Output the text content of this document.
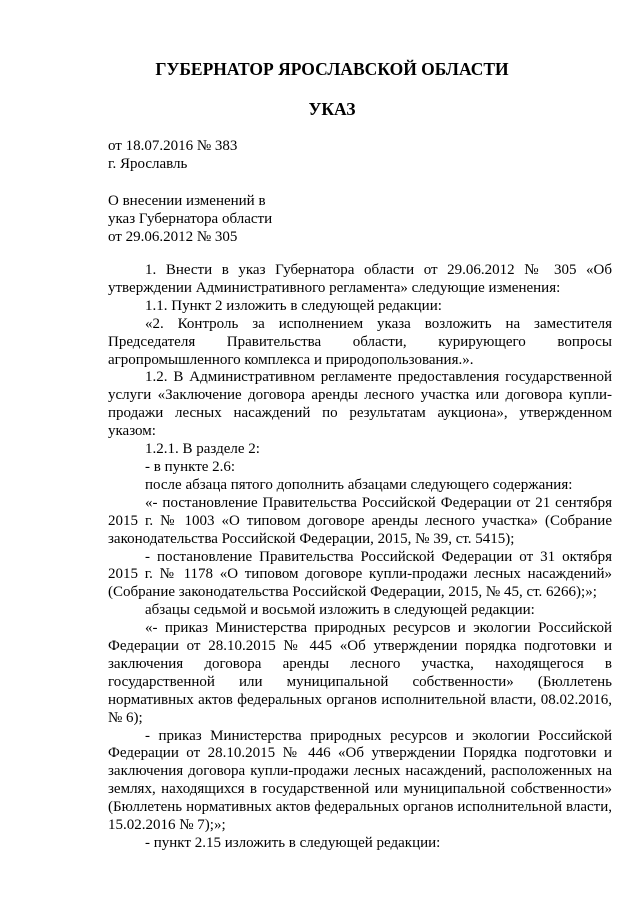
ГУБЕРНАТОР ЯРОСЛАВСКОЙ ОБЛАСТИ
УКАЗ
от 18.07.2016 № 383
г. Ярославль
О внесении изменений в
указ Губернатора области
от 29.06.2012 № 305

1. Внести в указ Губернатора области от 29.06.2012 № 305 «Об утверждении Административного регламента» следующие изменения:

1.1. Пункт 2 изложить в следующей редакции:

«2. Контроль за исполнением указа возложить на заместителя Председателя Правительства области, курирующего вопросы агропромышленного комплекса и природопользования.».

1.2. В Административном регламенте предоставления государственной услуги «Заключение договора аренды лесного участка или договора купли-продажи лесных насаждений по результатам аукциона», утвержденном указом:

1.2.1. В разделе 2:

- в пункте 2.6:

после абзаца пятого дополнить абзацами следующего содержания:

«- постановление Правительства Российской Федерации от 21 сентября 2015 г. № 1003 «О типовом договоре аренды лесного участка» (Собрание законодательства Российской Федерации, 2015, № 39, ст. 5415);

- постановление Правительства Российской Федерации от 31 октября 2015 г. № 1178 «О типовом договоре купли-продажи лесных насаждений» (Собрание законодательства Российской Федерации, 2015, № 45, ст. 6266);»;

абзацы седьмой и восьмой изложить в следующей редакции:

«- приказ Министерства природных ресурсов и экологии Российской Федерации от 28.10.2015 № 445 «Об утверждении порядка подготовки и заключения договора аренды лесного участка, находящегося в государственной или муниципальной собственности» (Бюллетень нормативных актов федеральных органов исполнительной власти, 08.02.2016, № 6);

- приказ Министерства природных ресурсов и экологии Российской Федерации от 28.10.2015 № 446 «Об утверждении Порядка подготовки и заключения договора купли-продажи лесных насаждений, расположенных на землях, находящихся в государственной или муниципальной собственности» (Бюллетень нормативных актов федеральных органов исполнительной власти, 15.02.2016 № 7);»;

- пункт 2.15 изложить в следующей редакции:
